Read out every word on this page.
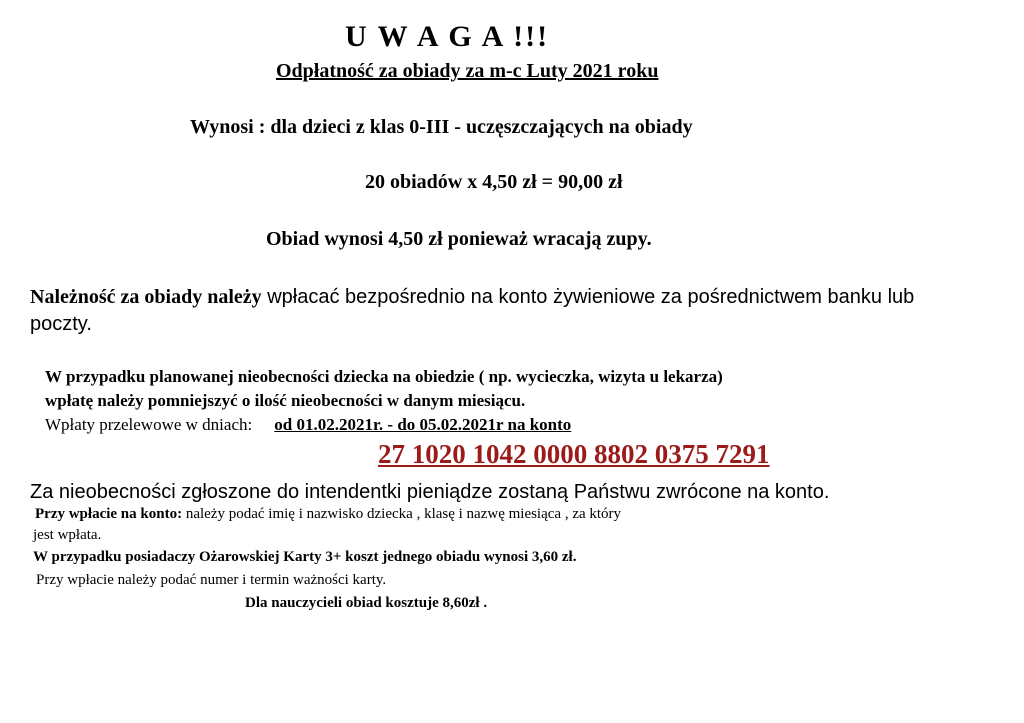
U W A G A !!!
Odpłatność za obiady za m-c Luty 2021 roku
Wynosi : dla dzieci z klas 0-III - uczęszczających na obiady
20 obiadów x 4,50 zł = 90,00 zł
Obiad wynosi 4,50 zł ponieważ wracają zupy.
Należność za obiady należy wpłacać bezpośrednio na konto żywieniowe za pośrednictwem banku lub poczty.
W przypadku planowanej nieobecności dziecka na obiedzie ( np. wycieczka, wizyta u lekarza)
wpłatę należy pomniejszyć o ilość nieobecności w danym miesiącu.
Wpłaty przelewowe w dniach: od 01.02.2021r. - do 05.02.2021r na konto
27 1020 1042 0000 8802 0375 7291
Za nieobecności zgłoszone do intendentki pieniądze zostaną Państwu zwrócone na konto.
Przy wpłacie na konto: należy podać imię i nazwisko dziecka , klasę i nazwę miesiąca , za który
jest wpłata.
W przypadku posiadaczy Ożarowskiej Karty 3+ koszt jednego obiadu wynosi 3,60 zł.
Przy wpłacie należy podać numer i termin ważności karty.
Dla nauczycieli obiad kosztuje 8,60zł .
